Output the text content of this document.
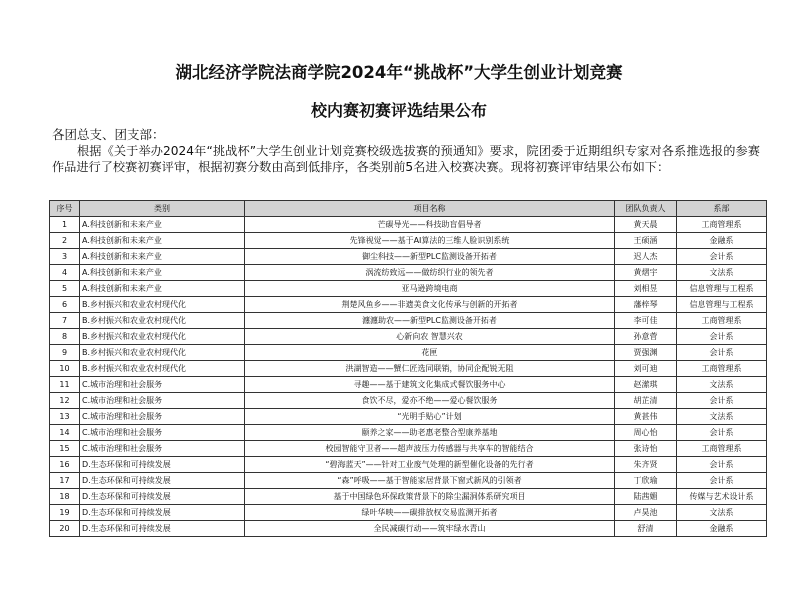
湖北经济学院法商学院2024年“挑战杯”大学生创业计划竞赛
校内赛初赛评选结果公布
各团总支、团支部：
根据《关于举办2024年“挑战杯”大学生创业计划竞赛校级选拔赛的预通知》要求，院团委于近期组织专家对各系推选报的参赛作品进行了校赛初赛评审，根据初赛分数由高到低排序，各类别前5名进入校赛决赛。现将初赛评审结果公布如下：
序号	类别	项目名称	团队负责人	系部
1	A.科技创新和未来产业	芒碳导光——科技助盲倡导者	黄天晨	工商管理系
2	A.科技创新和未来产业	先锋视觉——基于AI算法的三维人脸识别系统	王硕涵	金融系
3	A.科技创新和未来产业	御尘科技——新型PLC监测设备开拓者	迟人杰	会计系
4	A.科技创新和未来产业	涡流纺致远——做纺织行业的领先者	黄熠宇	文法系
5	A.科技创新和未来产业	亚马逊跨境电商	刘相昱	信息管理与工程系
6	B.乡村振兴和农业农村现代化	荆楚风鱼乡——非遗美食文化传承与创新的开拓者	藩梓琴	信息管理与工程系
7	B.乡村振兴和农业农村现代化	瀍瀍助农——新型PLC监测设备开拓者	李可佳	工商管理系
8	B.乡村振兴和农业农村现代化	心新向农 智慧兴农	孙意菅	会计系
9	B.乡村振兴和农业农村现代化	花匣	贾强渊	会计系
10	B.乡村振兴和农业农村现代化	洪湖智造——蟹仁匠选同联销，协同企配锐无阻	刘可迪	工商管理系
11	C.城市治理和社会服务	寻趣——基于建筑文化集成式餐饮服务中心	赵潆琪	文法系
12	C.城市治理和社会服务	食饮不尽，爱亦不绝——爱心餐饮服务	胡芷清	会计系
13	C.城市治理和社会服务	“光明手贴心”计划	黄甚伟	文法系
14	C.城市治理和社会服务	颐养之家——助老惠老整合型康养基地	周心怡	会计系
15	C.城市治理和社会服务	校园智能守卫者——超声波压力传感器与共享车的智能结合	张诗怡	工商管理系
16	D.生态环保和可持续发展	“碧海蓝天”——针对工业废气处理的新型催化设备的先行者	朱齐贤	会计系
17	D.生态环保和可持续发展	“森”呼吸——基于智能家居背景下窗式新风的引领者	丁欣瑜	会计系
18	D.生态环保和可持续发展	基于中国绿色环保政策背景下的除尘漏洞体系研究项目	陆茜媚	传媒与艺术设计系
19	D.生态环保和可持续发展	绿叶华映——碳排放权交易监测开拓者	卢昊池	文法系
20	D.生态环保和可持续发展	全民减碳行动——筑牢绿水青山	舒清	金融系
